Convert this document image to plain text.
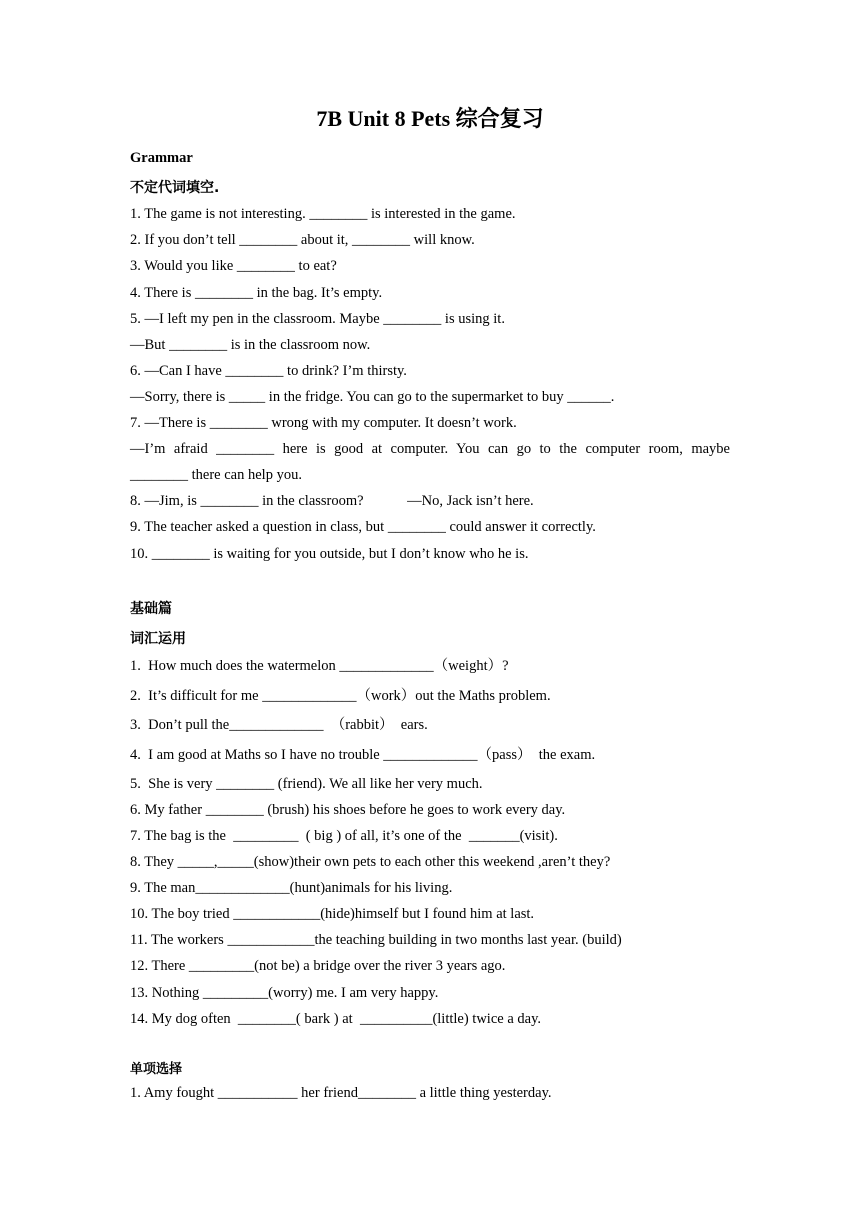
7B Unit 8 Pets 综合复习
Grammar
不定代词填空.
1. The game is not interesting. ________ is interested in the game.
2. If you don’t tell ________ about it, ________ will know.
3. Would you like ________ to eat?
4. There is ________ in the bag. It’s empty.
5. —I left my pen in the classroom. Maybe ________ is using it.
—But ________ is in the classroom now.
6. —Can I have ________ to drink? I’m thirsty.
—Sorry, there is _____ in the fridge. You can go to the supermarket to buy ______.
7. —There is ________ wrong with my computer. It doesn’t work.
—I’m afraid ________ here is good at computer. You can go to the computer room, maybe
________ there can help you.
8. —Jim, is ________ in the classroom?            —No, Jack isn’t here.
9. The teacher asked a question in class, but ________ could answer it correctly.
10. ________ is waiting for you outside, but I don’t know who he is.
基础篇
词汇运用
1.  How much does the watermelon _____________（weight）?
2.  It’s difficult for me _____________（work）out the Maths problem.
3.  Don’t pull the_____________  （rabbit）  ears.
4.  I am good at Maths so I have no trouble _____________（pass）  the exam.
5.  She is very ________ (friend). We all like her very much.
6. My father ________ (brush) his shoes before he goes to work every day.
7. The bag is the  _________  ( big ) of all, it’s one of the  _______(visit).
8. They _____,_____(show)their own pets to each other this weekend ,aren’t they?
9. The man_____________(hunt)animals for his living.
10. The boy tried ____________(hide)himself but I found him at last.
11. The workers ____________the teaching building in two months last year. (build)
12. There _________(not be) a bridge over the river 3 years ago.
13. Nothing _________(worry) me. I am very happy.
14. My dog often  ________( bark ) at  __________(little) twice a day.
单项选择
1. Amy fought ___________ her friend________ a little thing yesterday.
